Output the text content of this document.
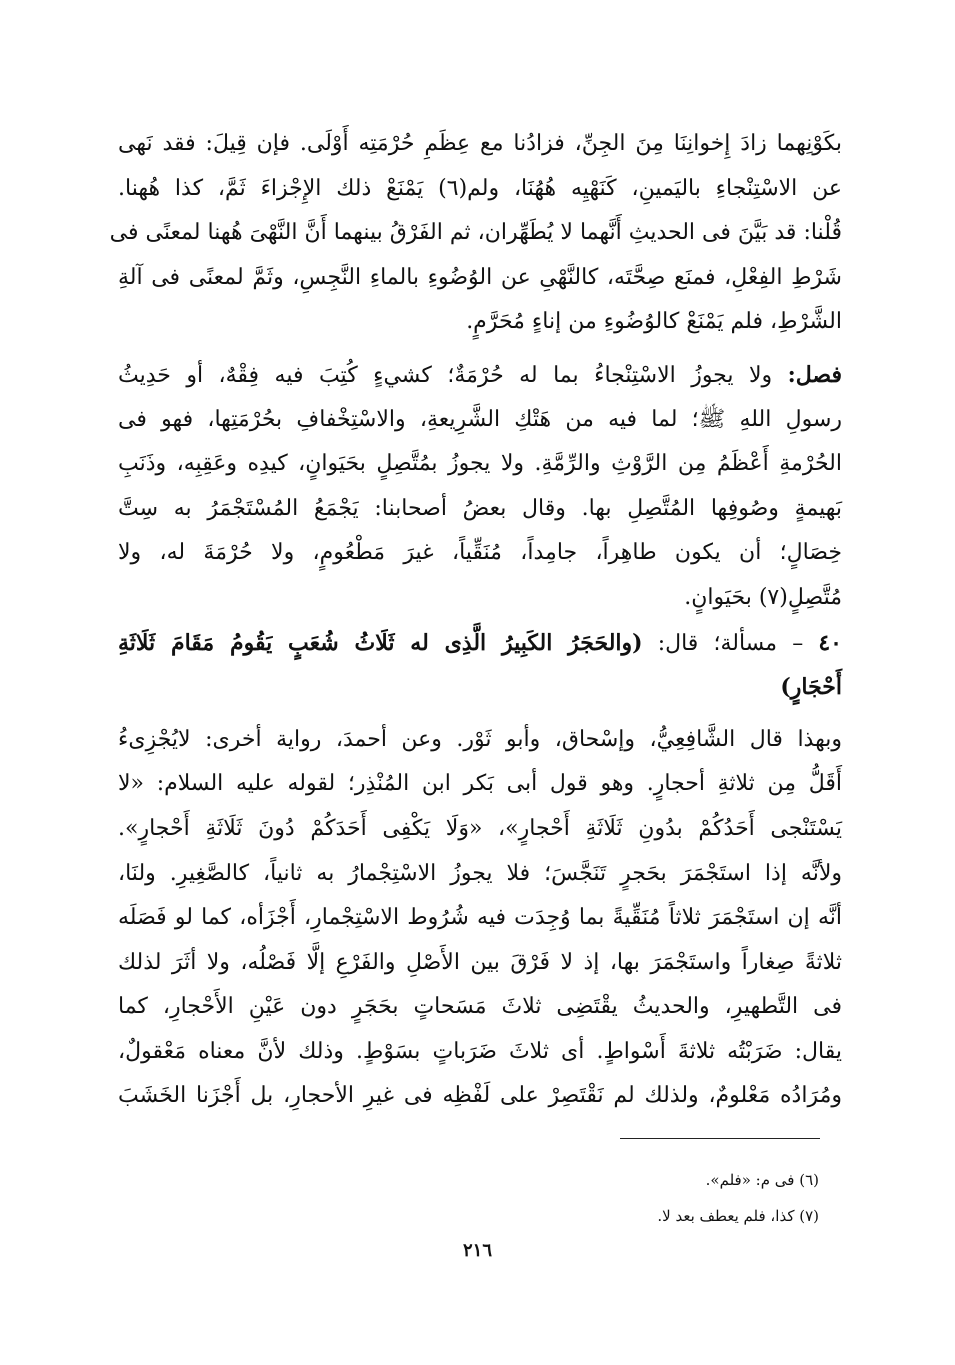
بكَوْنِهما زادَ إِخوانِنَا مِنَ الجِنِّ، فزادُنا مع عِظَمِ حُرْمَتِه أَوْلَى. فإن قِيلَ: فقد نَهى
عن الاسْتِنْجاءِ باليَمينِ، كَنَهْيِه هُهُنَا، ولم(٦) يَمْنَعْ ذلك الإِجْزاءَ ثَمَّ، كذا هُهنا.
قُلْنا: قد بَيَّنَ فى الحديثِ أَنَّهما لا يُطَهِّران، ثم الفَرْقُ بينهما أَنَّ النَّهْىَ هُهنا لمعنًى فى
شَرْطِ الفِعْلِ، فمنَع صِحَّتَه، كالنَّهْىِ عن الوُضُوءِ بالماءِ النَّجِسِ، وثَمَّ لمعنًى فى آلةِ
الشَّرْطِ، فلم يَمْنَعْ كالوُضُوءِ من إناءٍ مُحَرَّمٍ.
فصل: ولا يجوزُ الاسْتِنْجاءُ بما له حُرْمَةٌ؛ كشيءٍ كُتِبَ فيه فِقْهٌ، أو حَدِيثُ
رسولِ اللهِ ﷺ؛ لما فيه من هَتْكِ الشَّرِيعةِ، والاسْتِخْفافِ بحُرْمَتِها، فهو فى
الحُرْمةِ أَعْظَمُ مِن الرَّوْثِ والرِّمَّةِ. ولا يجوزُ بمُتَّصِلٍ بحَيَوانٍ، كيدِه وعَقِبِه، وذَنَبِ
بَهيمةٍ وصُوفِها المُتَّصِلِ بها. وقال بعضُ أصحابنا: يَجْمَعُ المُسْتَجْمَرُ به سِتَّ
خِصَالٍ؛ أن يكون طاهِراً، جامِداً، مُنَقِّياً، غيرَ مَطْعُومٍ، ولا حُرْمَةَ له، ولا
مُتَّصِلٍ(٧) بحَيَوانٍ.
٤٠ – مسألة؛ قال: (والحَجَرُ الكَبِيرُ الَّذِى له ثَلَاثُ شُعَبٍ يَقُومُ مَقَامَ ثَلَاثَةِ
أَحْجَارٍ)
وبهذا قال الشَّافِعِيُّ، وإسْحاق، وأبو ثَوْر. وعن أحمدَ، رواية أخرى: لايُجْزِىءُ
أَقَلُّ مِن ثلاثةِ أحجارٍ. وهو قول أبى بَكر ابن المُنْذِر؛ لقوله عليه السلام: «لا
يَسْتَنْجى أَحَدُكُمْ بدُونِ ثَلَاثَةِ أَحْجارٍ»، «وَلَا يَكْفِى أَحَدَكُمْ دُونَ ثَلَاثَةِ أَحْجارٍ».
ولأنَّه إذا استَجْمَرَ بحَجرٍ تَنَجَّسَ؛ فلا يجوزُ الاسْتِجْمارُ به ثانياً، كالصَّغِيرِ. ولنَا،
أنَّه إن استَجْمَرَ ثلاثاً مُنَقِّيةً بما وُجِدَت فيه شُرُوط الاسْتِجْمارِ، أَجْزَأه، كما لو فَصَلَه
ثلاثةً صِغاراً واستَجْمَرَ بها، إذ لا فَرْقَ بين الأَصْلِ والفَرْعِ إلَّا فَصْلُه، ولا أثَرَ لذلك
فى التَّطهيرِ، والحديثُ يقْتَضِى ثلاثَ مَسَحاتٍ بحَجَرٍ دون عَيْنِ الأَحْجارِ، كما
يقال: ضَرَبْتُه ثلاثةَ أَسْواطٍ. أى ثلاثَ ضَرَباتٍ بسَوْطٍ. وذلك لأنَّ معناه مَعْقولٌ،
ومُرَادُه مَعْلومٌ، ولذلك لم نَقْتَصِرْ على لَفْظِه فى غيرِ الأحجارِ، بل أَجْزَنا الخَشَبَ
(٦) فى م: «فلم».
(٧) كذا، فلم يعطف بعد لا.
٢١٦
